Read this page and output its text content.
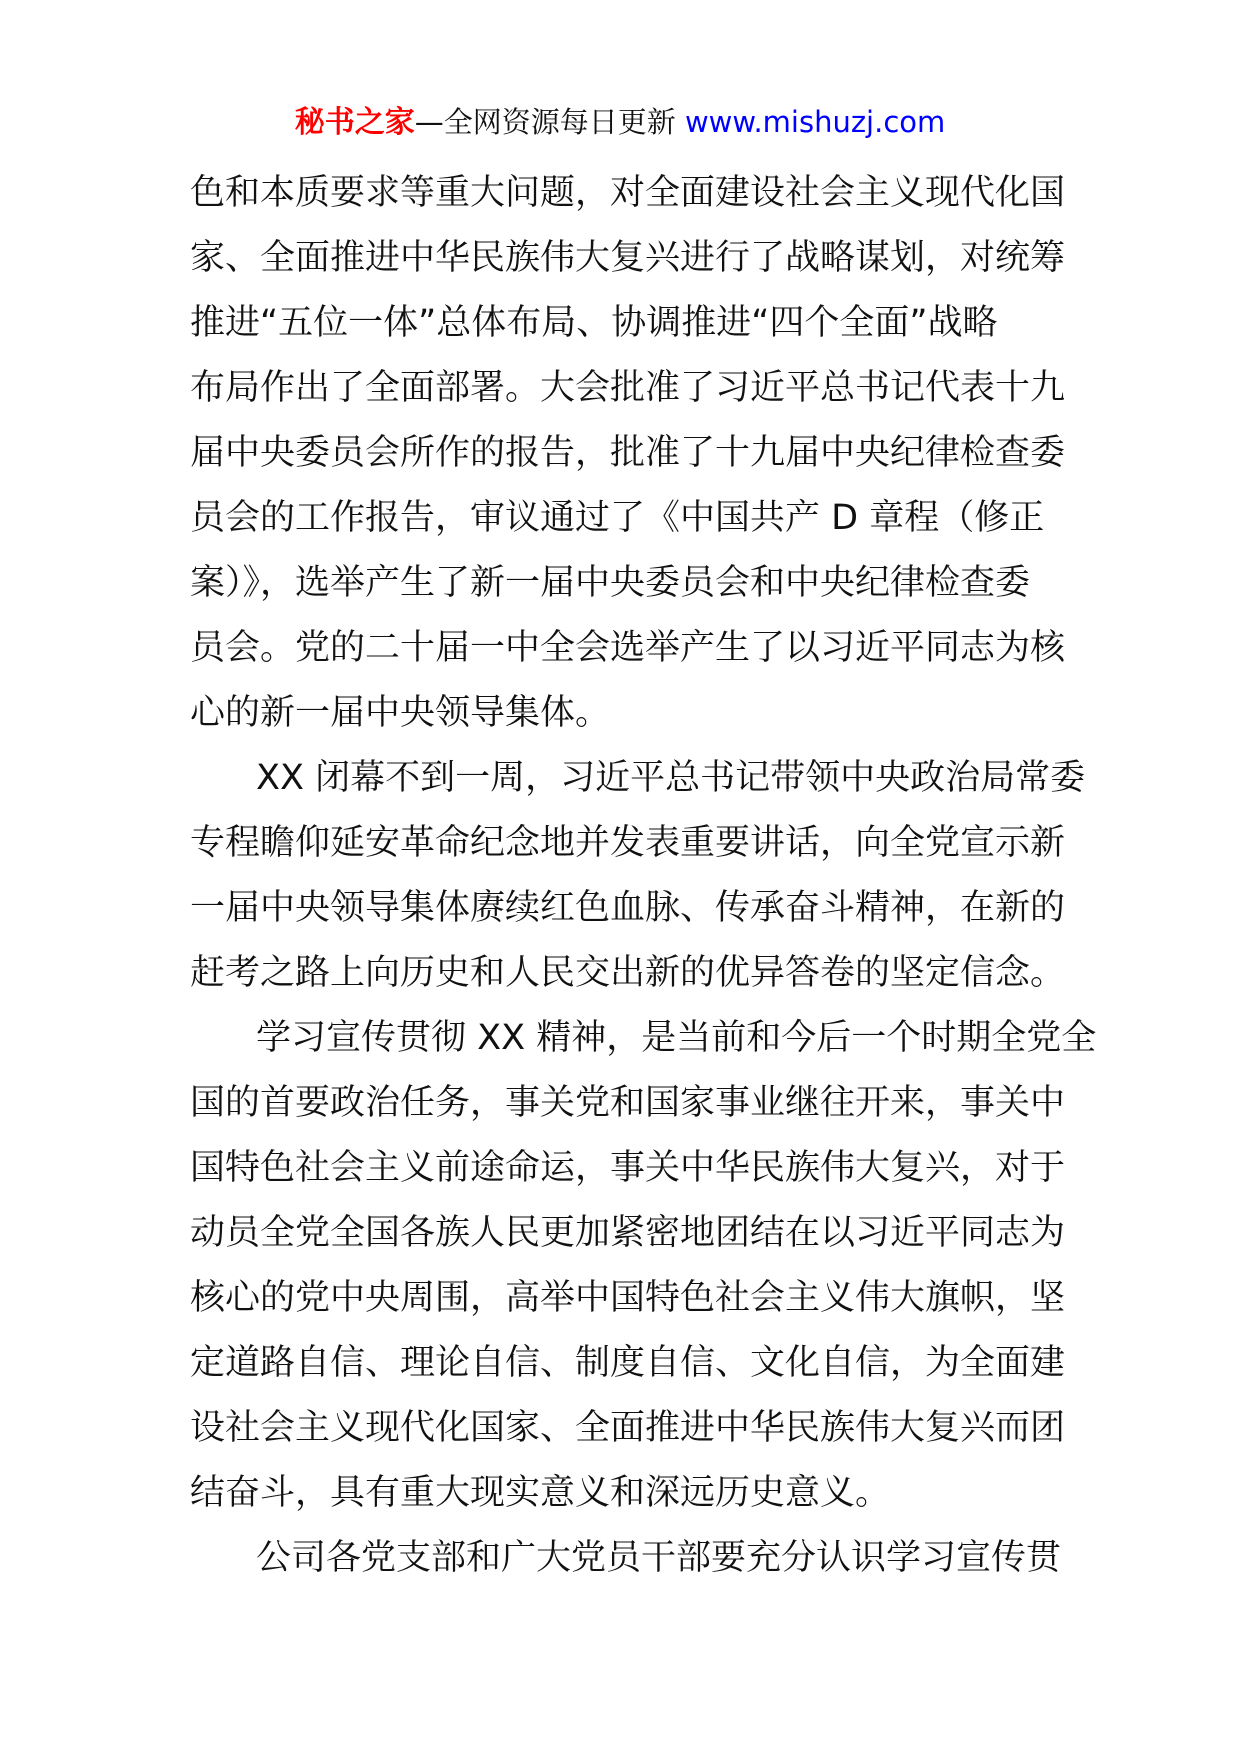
秘书之家—全网资源每日更新 www.mishuzj.com
色和本质要求等重大问题，对全面建设社会主义现代化国
家、全面推进中华民族伟大复兴进行了战略谋划，对统筹
推进“五位一体”总体布局、协调推进“四个全面”战略
布局作出了全面部署。大会批准了习近平总书记代表十九
届中央委员会所作的报告，批准了十九届中央纪律检查委
员会的工作报告，审议通过了《中国共产 D 章程（修正
案）》，选举产生了新一届中央委员会和中央纪律检查委
员会。党的二十届一中全会选举产生了以习近平同志为核
心的新一届中央领导集体。
XX 闭幕不到一周，习近平总书记带领中央政治局常委
专程瞻仰延安革命纪念地并发表重要讲话，向全党宣示新
一届中央领导集体赓续红色血脉、传承奋斗精神，在新的
赶考之路上向历史和人民交出新的优异答卷的坚定信念。
学习宣传贯彻 XX 精神，是当前和今后一个时期全党全
国的首要政治任务，事关党和国家事业继往开来，事关中
国特色社会主义前途命运，事关中华民族伟大复兴，对于
动员全党全国各族人民更加紧密地团结在以习近平同志为
核心的党中央周围，高举中国特色社会主义伟大旗帜，坚
定道路自信、理论自信、制度自信、文化自信，为全面建
设社会主义现代化国家、全面推进中华民族伟大复兴而团
结奋斗，具有重大现实意义和深远历史意义。
公司各党支部和广大党员干部要充分认识学习宣传贯
